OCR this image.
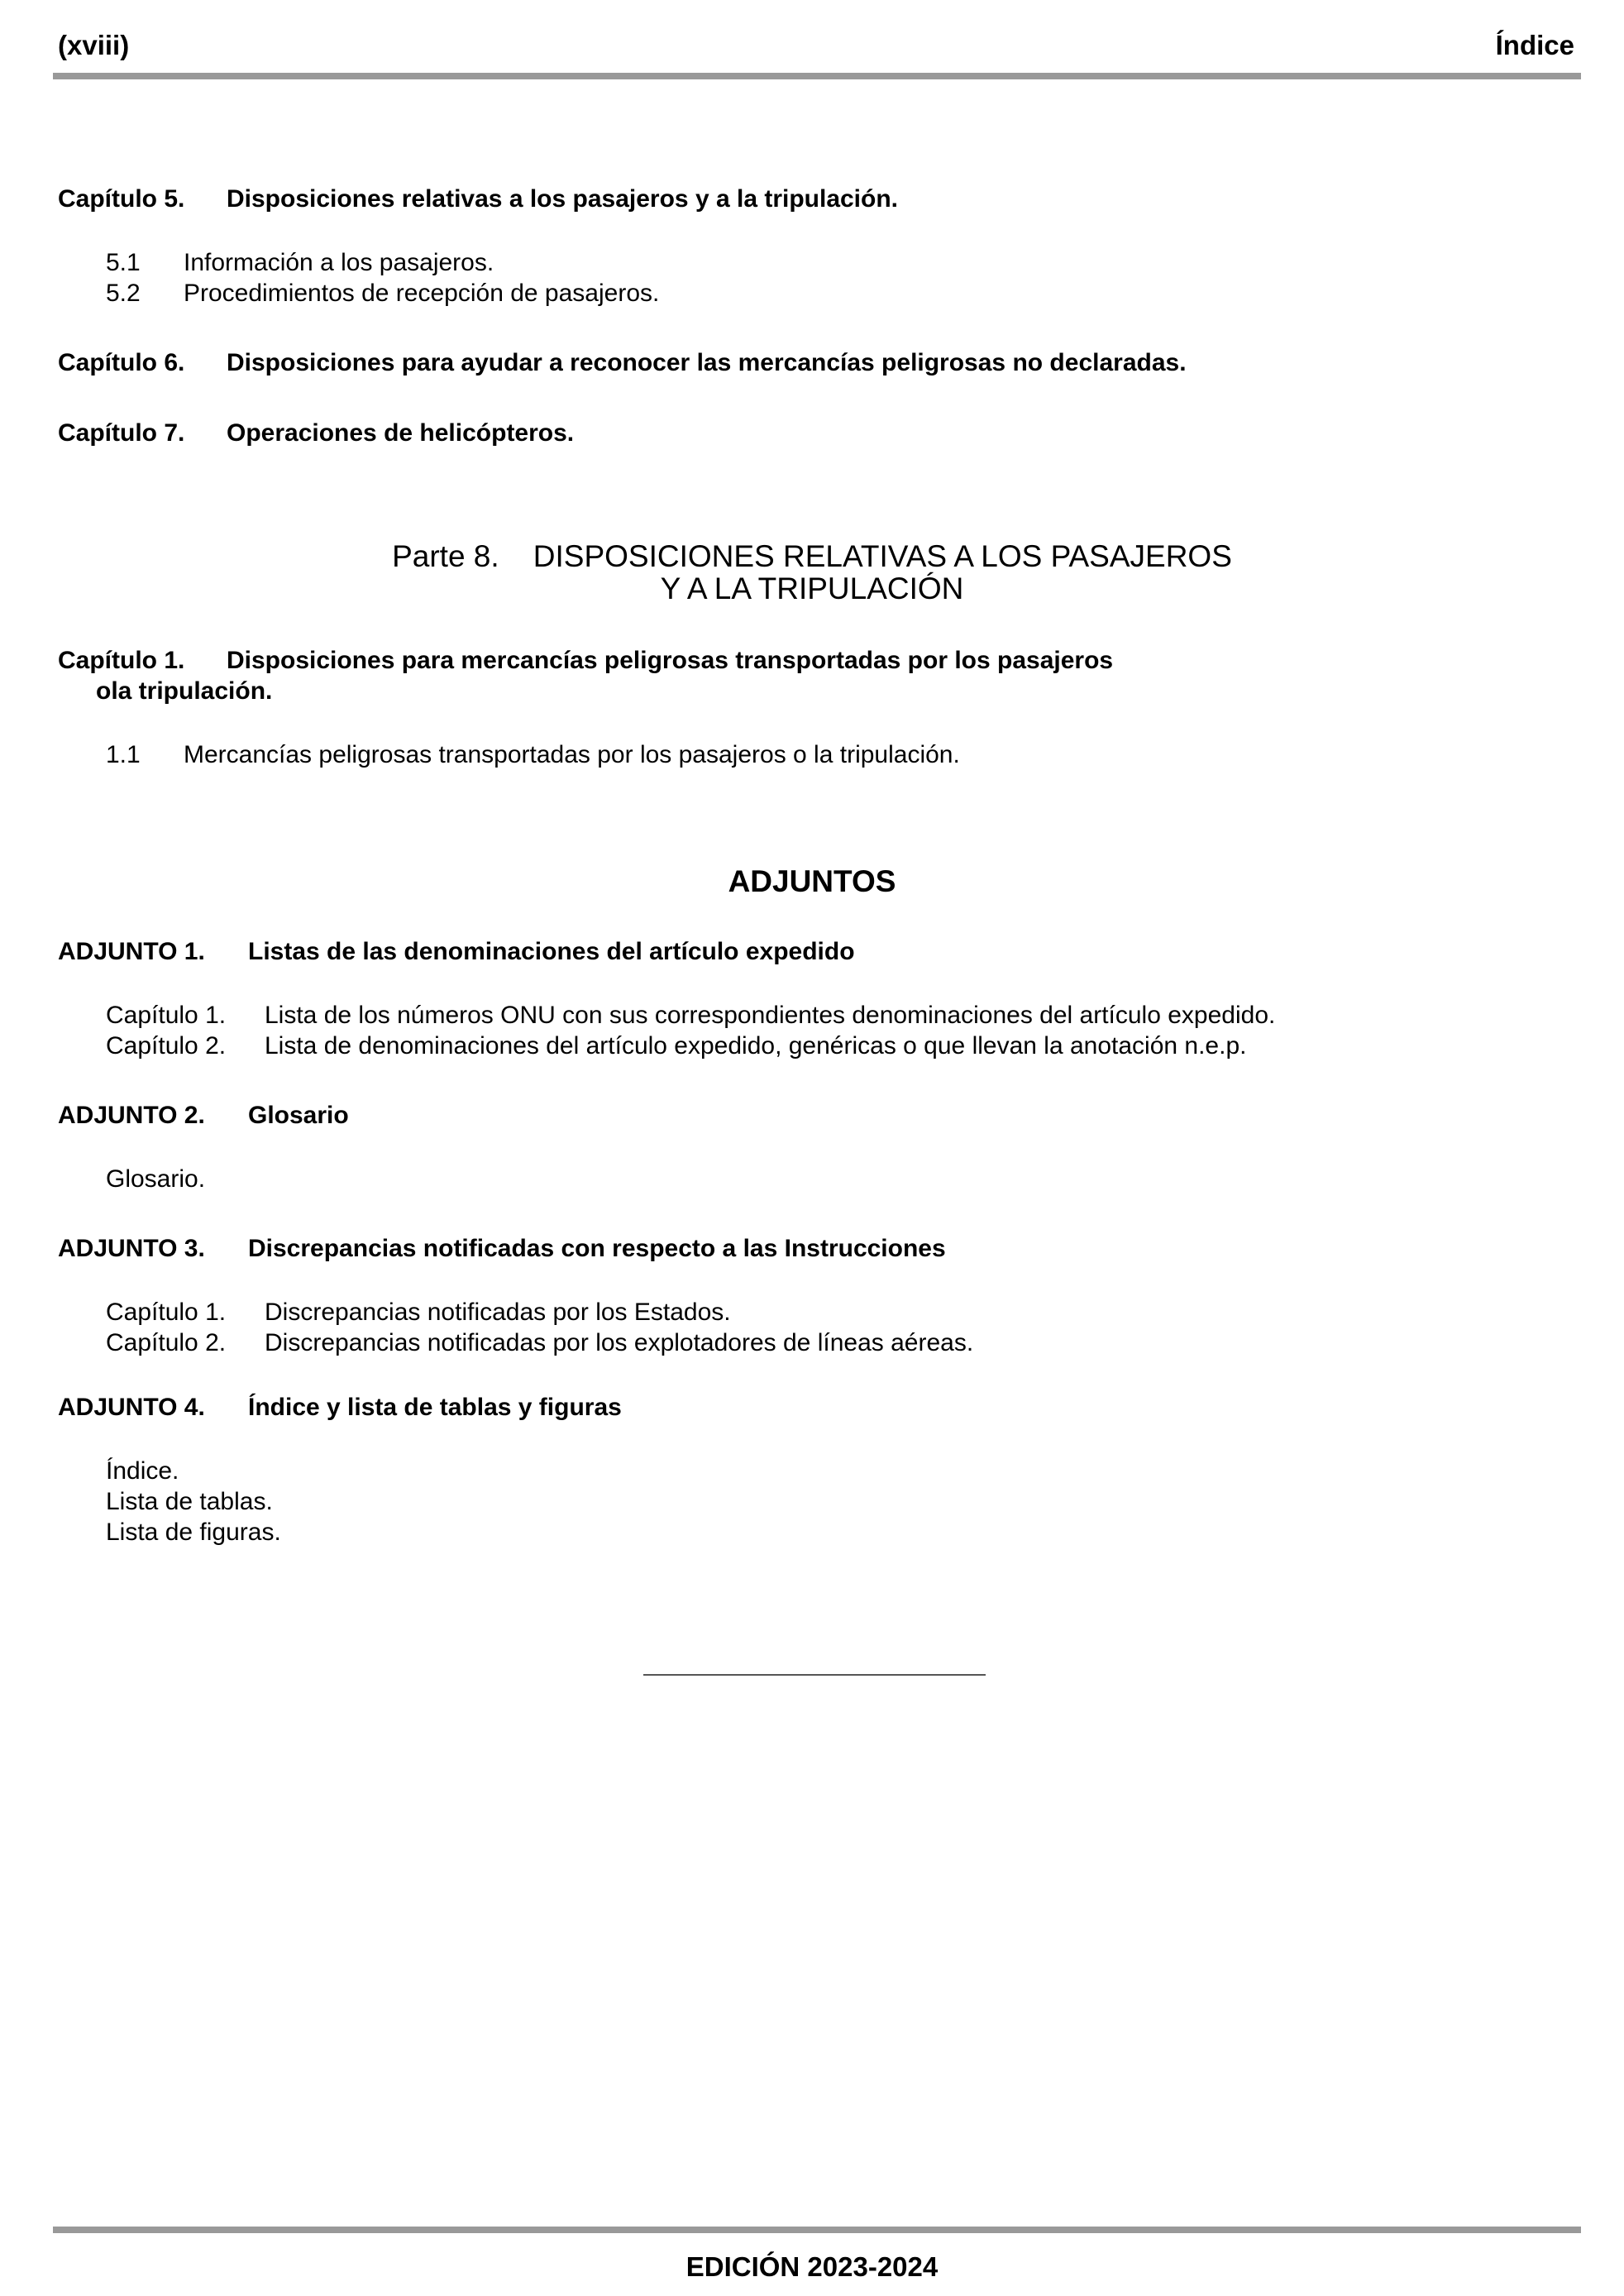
(xviii)	Índice
Capítulo 5. Disposiciones relativas a los pasajeros y a la tripulación.
5.1 Información a los pasajeros.
5.2 Procedimientos de recepción de pasajeros.
Capítulo 6. Disposiciones para ayudar a reconocer las mercancías peligrosas no declaradas.
Capítulo 7. Operaciones de helicópteros.

Parte 8.    DISPOSICIONES RELATIVAS A LOS PASAJEROS

Y A LA TRIPULACIÓN

Capítulo 1. Disposiciones para mercancías peligrosas transportadas por los pasajeros
ola tripulación.
1.1 Mercancías peligrosas transportadas por los pasajeros o la tripulación.

ADJUNTOS

ADJUNTO 1. Listas de las denominaciones del artículo expedido
Capítulo 1. Lista de los números ONU con sus correspondientes denominaciones del artículo expedido.
Capítulo 2. Lista de denominaciones del artículo expedido, genéricas o que llevan la anotación n.e.p.
ADJUNTO 2. Glosario
Glosario.
ADJUNTO 3. Discrepancias notificadas con respecto a las Instrucciones
Capítulo 1. Discrepancias notificadas por los Estados.
Capítulo 2. Discrepancias notificadas por los explotadores de líneas aéreas.
ADJUNTO 4. Índice y lista de tablas y figuras
Índice.
Lista de tablas.
Lista de figuras.

EDICIÓN 2023-2024
